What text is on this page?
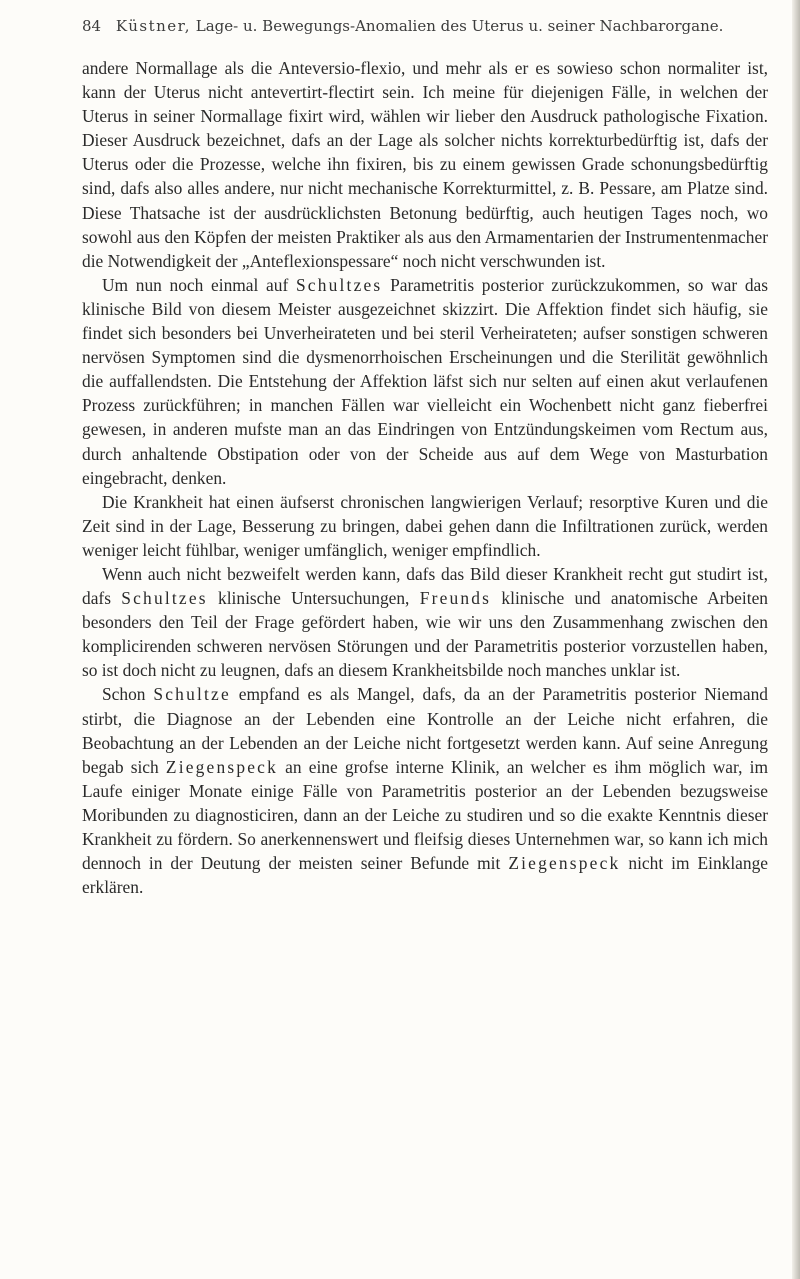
84 Küstner, Lage- u. Bewegungs-Anomalien des Uterus u. seiner Nachbarorgane.

andere Normallage als die Anteversio-flexio, und mehr als er es sowieso schon normaliter ist, kann der Uterus nicht antevertirt-flectirt sein. Ich meine für diejenigen Fälle, in welchen der Uterus in seiner Normallage fixirt wird, wählen wir lieber den Ausdruck pathologische Fixation. Dieser Ausdruck bezeichnet, dafs an der Lage als solcher nichts korrekturbedürftig ist, dafs der Uterus oder die Prozesse, welche ihn fixiren, bis zu einem gewissen Grade schonungsbedürftig sind, dafs also alles andere, nur nicht mechanische Korrekturmittel, z. B. Pessare, am Platze sind. Diese Thatsache ist der ausdrücklichsten Betonung bedürftig, auch heutigen Tages noch, wo sowohl aus den Köpfen der meisten Praktiker als aus den Armamentarien der Instrumentenmacher die Notwendigkeit der „Anteflexionspessare“ noch nicht verschwunden ist.

Um nun noch einmal auf Schultzes Parametritis posterior zurückzukommen, so war das klinische Bild von diesem Meister ausgezeichnet skizzirt. Die Affektion findet sich häufig, sie findet sich besonders bei Unverheirateten und bei steril Verheirateten; aufser sonstigen schweren nervösen Symptomen sind die dysmenorrhoischen Erscheinungen und die Sterilität gewöhnlich die auffallendsten. Die Entstehung der Affektion läfst sich nur selten auf einen akut verlaufenen Prozess zurückführen; in manchen Fällen war vielleicht ein Wochenbett nicht ganz fieberfrei gewesen, in anderen mufste man an das Eindringen von Entzündungskeimen vom Rectum aus, durch anhaltende Obstipation oder von der Scheide aus auf dem Wege von Masturbation eingebracht, denken.

Die Krankheit hat einen äufserst chronischen langwierigen Verlauf; resorptive Kuren und die Zeit sind in der Lage, Besserung zu bringen, dabei gehen dann die Infiltrationen zurück, werden weniger leicht fühlbar, weniger umfänglich, weniger empfindlich.

Wenn auch nicht bezweifelt werden kann, dafs das Bild dieser Krankheit recht gut studirt ist, dafs Schultzes klinische Untersuchungen, Freunds klinische und anatomische Arbeiten besonders den Teil der Frage gefördert haben, wie wir uns den Zusammenhang zwischen den komplicirenden schweren nervösen Störungen und der Parametritis posterior vorzustellen haben, so ist doch nicht zu leugnen, dafs an diesem Krankheitsbilde noch manches unklar ist.

Schon Schultze empfand es als Mangel, dafs, da an der Parametritis posterior Niemand stirbt, die Diagnose an der Lebenden eine Kontrolle an der Leiche nicht erfahren, die Beobachtung an der Lebenden an der Leiche nicht fortgesetzt werden kann. Auf seine Anregung begab sich Ziegenspeck an eine grofse interne Klinik, an welcher es ihm möglich war, im Laufe einiger Monate einige Fälle von Parametritis posterior an der Lebenden bezugsweise Moribunden zu diagnosticiren, dann an der Leiche zu studiren und so die exakte Kenntnis dieser Krankheit zu fördern. So anerkennenswert und fleifsig dieses Unternehmen war, so kann ich mich dennoch in der Deutung der meisten seiner Befunde mit Ziegenspeck nicht im Einklange erklären.
